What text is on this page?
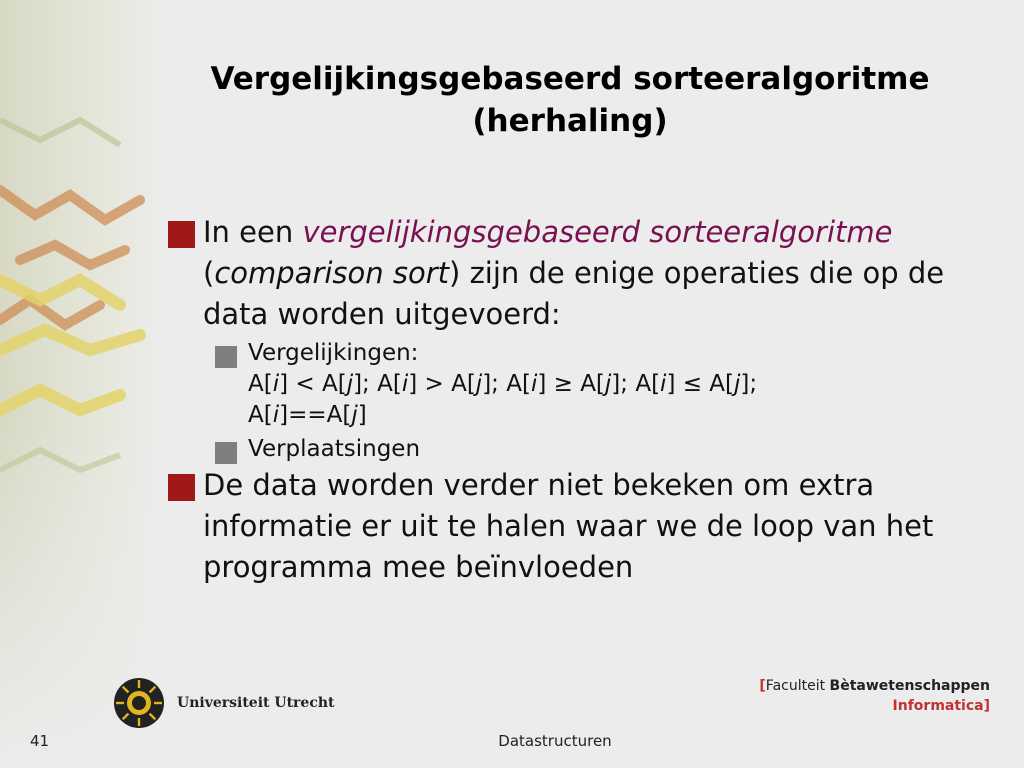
Vergelijkingsgebaseerd sorteeralgoritme
(herhaling)
In een vergelijkingsgebaseerd sorteeralgoritme (comparison sort) zijn de enige operaties die op de data worden uitgevoerd:
Vergelijkingen:
A[i] < A[j]; A[i] > A[j]; A[i] ≥ A[j]; A[i] ≤ A[j];
A[i]==A[j]
Verplaatsingen
De data worden verder niet bekeken om extra informatie er uit te halen waar we de loop van het programma mee beïnvloeden
Universiteit Utrecht
[Faculteit Bètawetenschappen
Informatica]
41	Datastructuren
